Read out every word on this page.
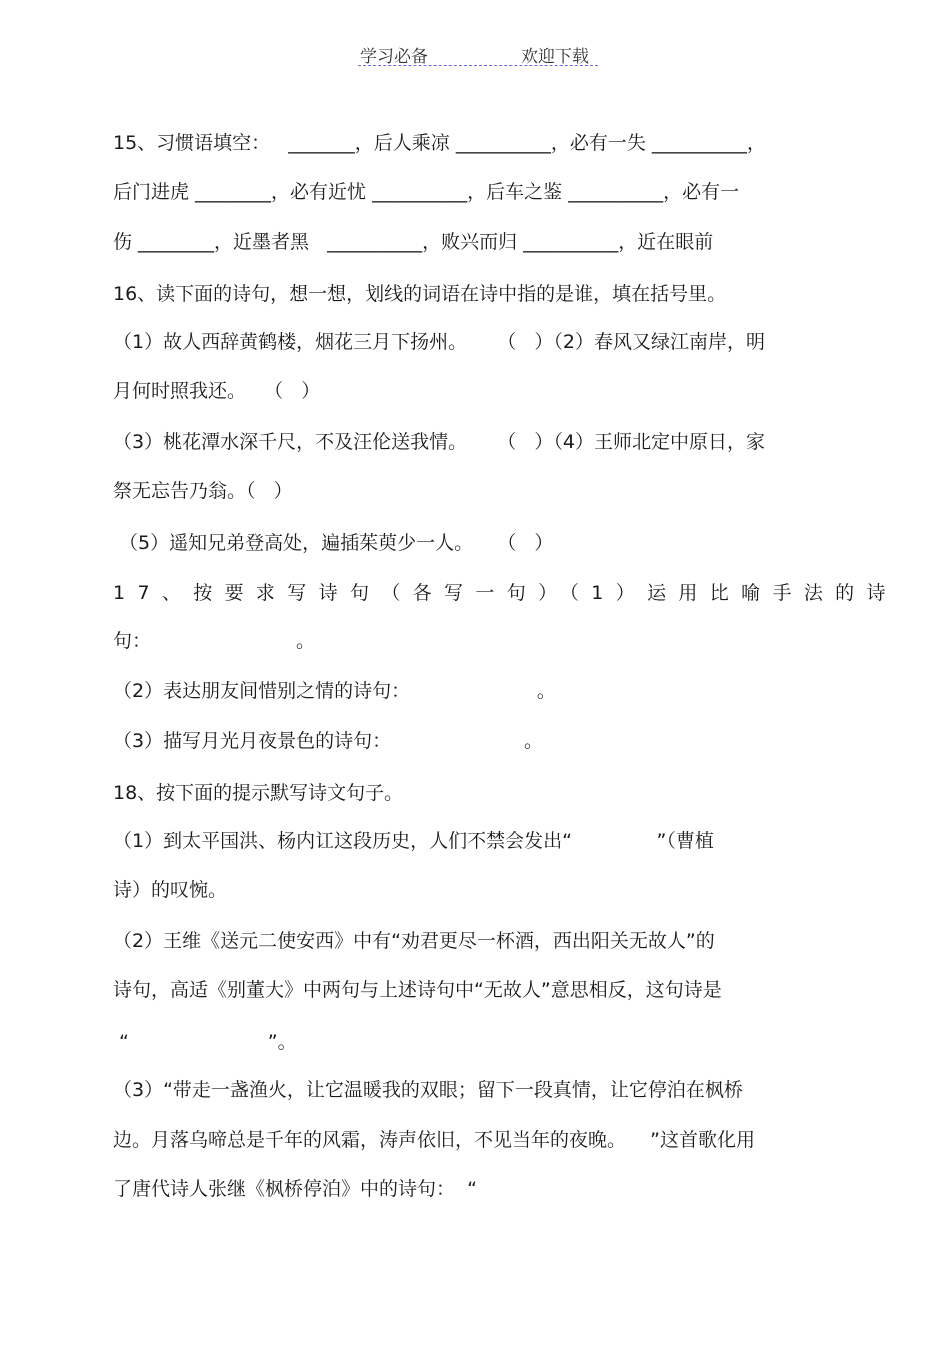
学习必备	欢迎下载
15、习惯语填空：   _______，后人乘凉 __________，必有一失 __________，
后门进虎 ________，必有近忧 __________，后车之鉴 __________，必有一
伤 ________，近墨者黑   __________，败兴而归 __________，近在眼前
16、读下面的诗句，想一想，划线的词语在诗中指的是谁，填在括号里。
（1）故人西辞黄鹤楼，烟花三月下扬州。     （   ）（2）春风又绿江南岸，明
月何时照我还。   （   ）
（3）桃花潭水深千尺，不及汪伦送我情。     （   ）（4）王师北定中原日，家
祭无忘告乃翁。（   ）
（5）遥知兄弟登高处，遍插茱萸少一人。    （   ）
17、按要求写诗句（各写一句）（1）运用比喻手法的诗
句：                        。
（2）表达朋友间惜别之情的诗句：                     。
（3）描写月光月夜景色的诗句：                      。
18、按下面的提示默写诗文句子。
（1）到太平国洪、杨内讧这段历史，人们不禁会发出“              ”（曹植
诗）的叹惋。
（2）王维《送元二使安西》中有“劝君更尽一杯酒，西出阳关无故人”的
诗句，高适《别董大》中两句与上述诗句中“无故人”意思相反，这句诗是
“                       ”。
（3）“带走一盏渔火，让它温暖我的双眼；留下一段真情，让它停泊在枫桥
边。月落乌啼总是千年的风霜，涛声依旧，不见当年的夜晚。    ”这首歌化用
了唐代诗人张继《枫桥停泊》中的诗句：  “
